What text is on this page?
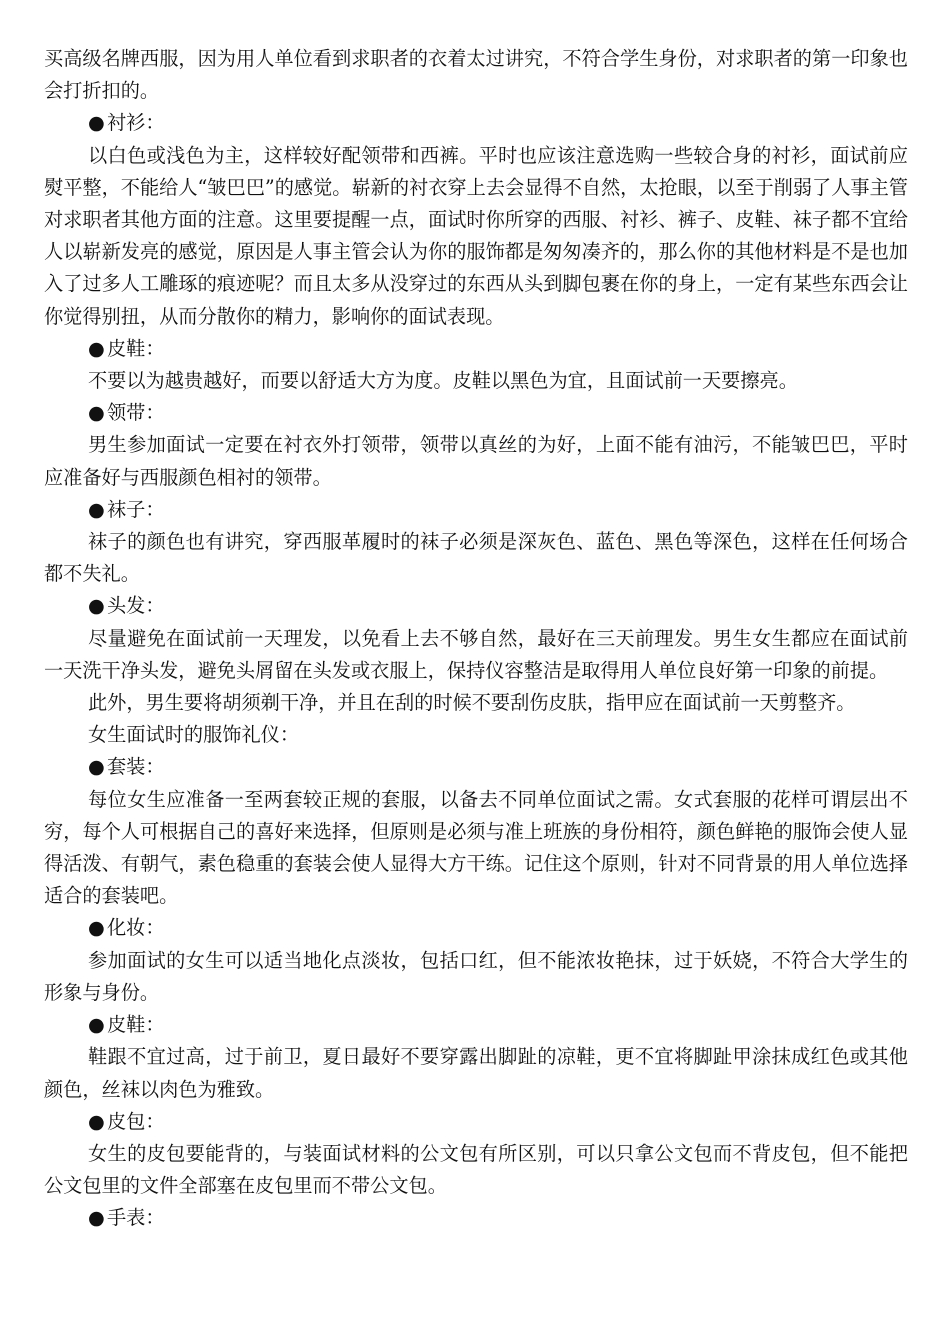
买高级名牌西服，因为用人单位看到求职者的衣着太过讲究，不符合学生身份，对求职者的第一印象也会打折扣的。

● 衬衫：

以白色或浅色为主，这样较好配领带和西裤。平时也应该注意选购一些较合身的衬衫，面试前应熨平整，不能给人“皱巴巴”的感觉。崭新的衬衣穿上去会显得不自然，太抢眼，以至于削弱了人事主管对求职者其他方面的注意。这里要提醒一点，面试时你所穿的西服、衬衫、裤子、皮鞋、袜子都不宜给人以崭新发亮的感觉，原因是人事主管会认为你的服饰都是匆匆凑齐的，那么你的其他材料是不是也加入了过多人工雕琢的痕迹呢？而且太多从没穿过的东西从头到脚包裹在你的身上，一定有某些东西会让你觉得别扭，从而分散你的精力，影响你的面试表现。

● 皮鞋：

不要以为越贵越好，而要以舒适大方为度。皮鞋以黑色为宜，且面试前一天要擦亮。

● 领带：

男生参加面试一定要在衬衣外打领带，领带以真丝的为好，上面不能有油污，不能皱巴巴，平时应准备好与西服颜色相衬的领带。

● 袜子：

袜子的颜色也有讲究，穿西服革履时的袜子必须是深灰色、蓝色、黑色等深色，这样在任何场合都不失礼。

● 头发：

尽量避免在面试前一天理发，以免看上去不够自然，最好在三天前理发。男生女生都应在面试前一天洗干净头发，避免头屑留在头发或衣服上，保持仪容整洁是取得用人单位良好第一印象的前提。

此外，男生要将胡须剃干净，并且在刮的时候不要刮伤皮肤，指甲应在面试前一天剪整齐。

女生面试时的服饰礼仪：

● 套装：

每位女生应准备一至两套较正规的套服，以备去不同单位面试之需。女式套服的花样可谓层出不穷，每个人可根据自己的喜好来选择，但原则是必须与准上班族的身份相符，颜色鲜艳的服饰会使人显得活泼、有朝气，素色稳重的套装会使人显得大方干练。记住这个原则，针对不同背景的用人单位选择适合的套装吧。

● 化妆：

参加面试的女生可以适当地化点淡妆，包括口红，但不能浓妆艳抹，过于妖娆，不符合大学生的形象与身份。

● 皮鞋：

鞋跟不宜过高，过于前卫，夏日最好不要穿露出脚趾的凉鞋，更不宜将脚趾甲涂抹成红色或其他颜色，丝袜以肉色为雅致。

● 皮包：

女生的皮包要能背的，与装面试材料的公文包有所区别，可以只拿公文包而不背皮包，但不能把公文包里的文件全部塞在皮包里而不带公文包。

● 手表：
